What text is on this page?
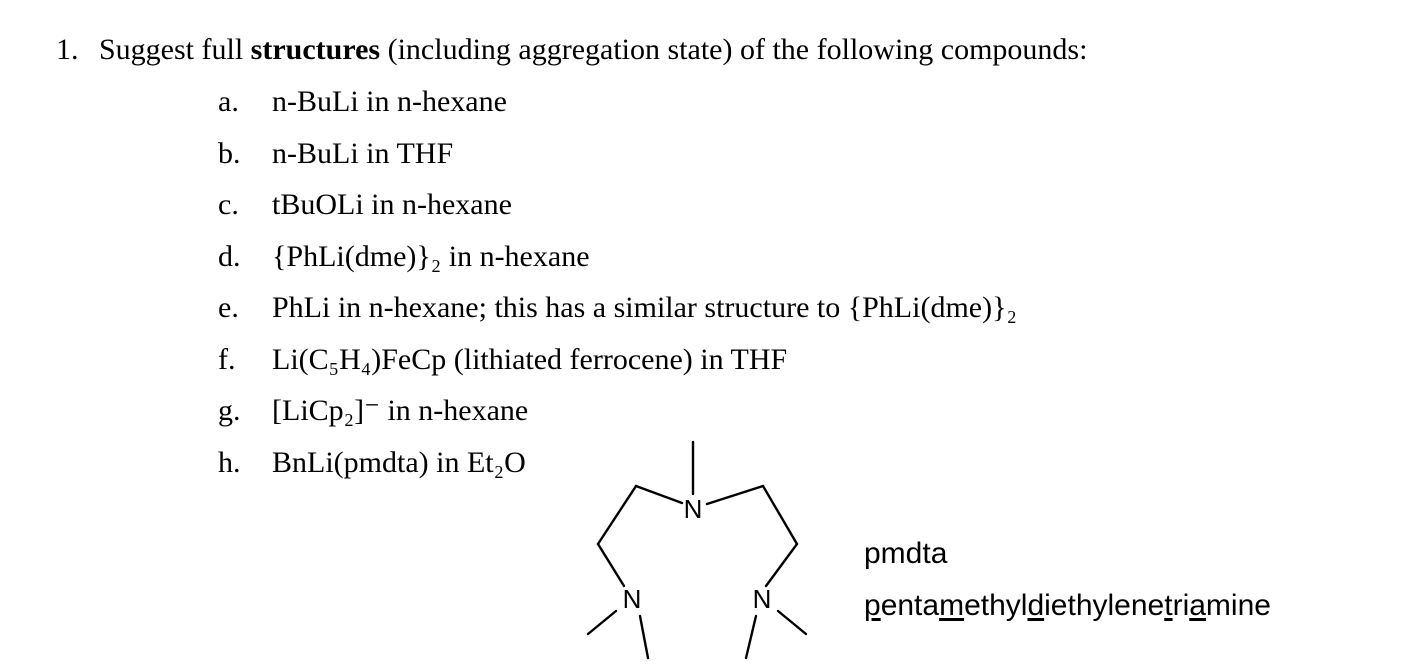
1. Suggest full structures (including aggregation state) of the following compounds:
a.	n-BuLi in n-hexane
b.	n-BuLi in THF
c.	tBuOLi in n-hexane
d.	{PhLi(dme)}₂ in n-hexane
e.	PhLi in n-hexane; this has a similar structure to {PhLi(dme)}₂
f.	Li(C₅H₄)FeCp (lithiated ferrocene) in THF
g.	[LiCp₂]⁻ in n-hexane
h.	BnLi(pmdta) in Et₂O
N
N	N
pmdta
pentamethyldiethylenetriamine
